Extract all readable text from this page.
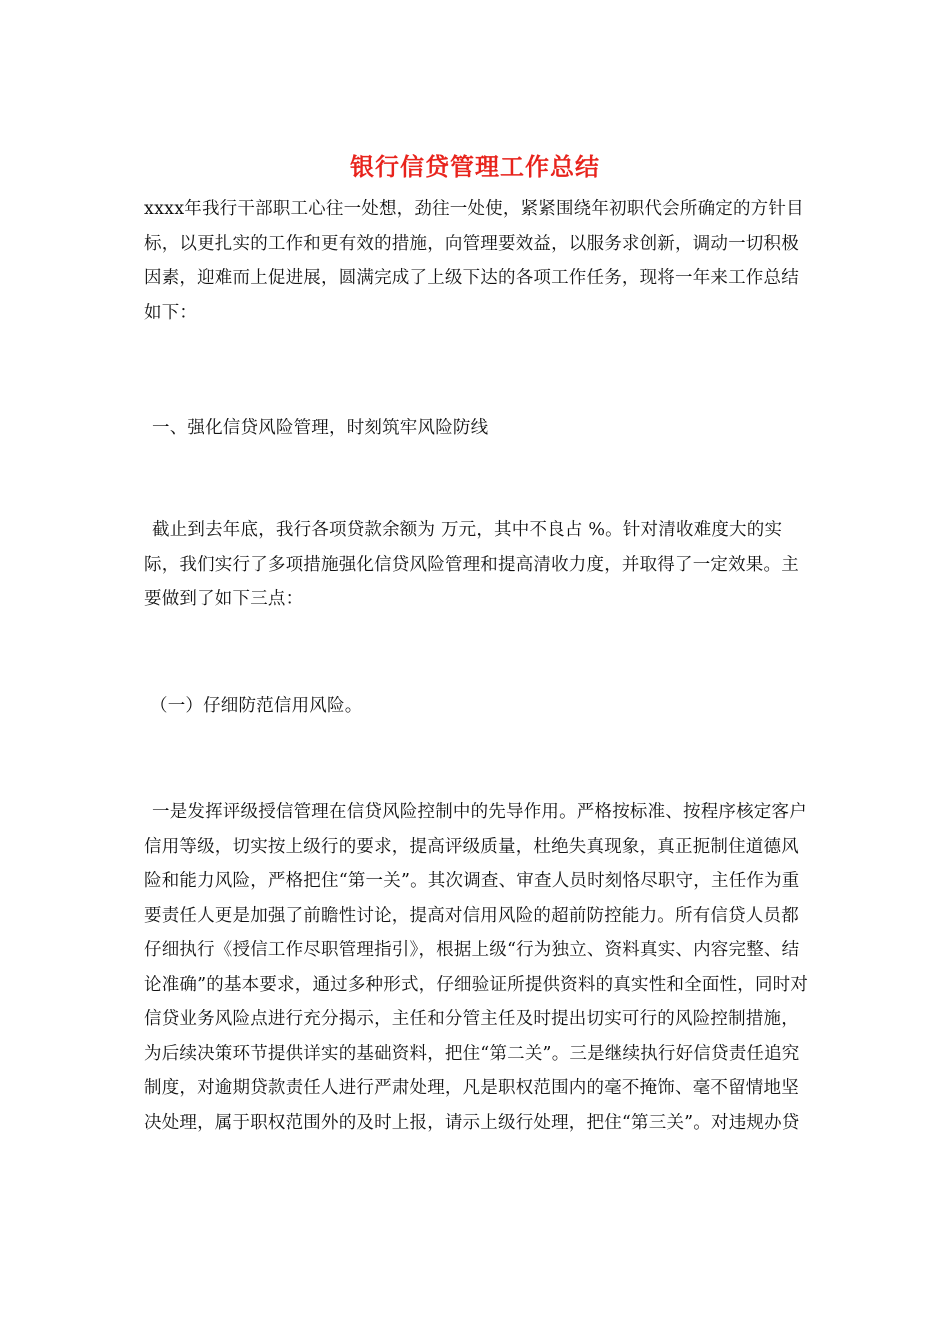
银行信贷管理工作总结
xxxx年我行干部职工心往一处想，劲往一处使，紧紧围绕年初职代会所确定的方针目标，以更扎实的工作和更有效的措施，向管理要效益，以服务求创新，调动一切积极因素，迎难而上促进展，圆满完成了上级下达的各项工作任务，现将一年来工作总结如下：
一、强化信贷风险管理，时刻筑牢风险防线
截止到去年底，我行各项贷款余额为 万元，其中不良占 %。针对清收难度大的实际，我们实行了多项措施强化信贷风险管理和提高清收力度，并取得了一定效果。主要做到了如下三点：
（一）仔细防范信用风险。
一是发挥评级授信管理在信贷风险控制中的先导作用。严格按标准、按程序核定客户信用等级，切实按上级行的要求，提高评级质量，杜绝失真现象，真正扼制住道德风险和能力风险，严格把住“第一关”。其次调查、审查人员时刻恪尽职守，主任作为重要责任人更是加强了前瞻性讨论，提高对信用风险的超前防控能力。所有信贷人员都仔细执行《授信工作尽职管理指引》，根据上级“行为独立、资料真实、内容完整、结论准确”的基本要求，通过多种形式，仔细验证所提供资料的真实性和全面性，同时对信贷业务风险点进行充分揭示，主任和分管主任及时提出切实可行的风险控制措施，为后续决策环节提供详实的基础资料，把住“第二关”。三是继续执行好信贷责任追究制度，对逾期贷款责任人进行严肃处理，凡是职权范围内的毫不掩饰、毫不留情地坚决处理，属于职权范围外的及时上报，请示上级行处理，把住“第三关”。对违规办贷
